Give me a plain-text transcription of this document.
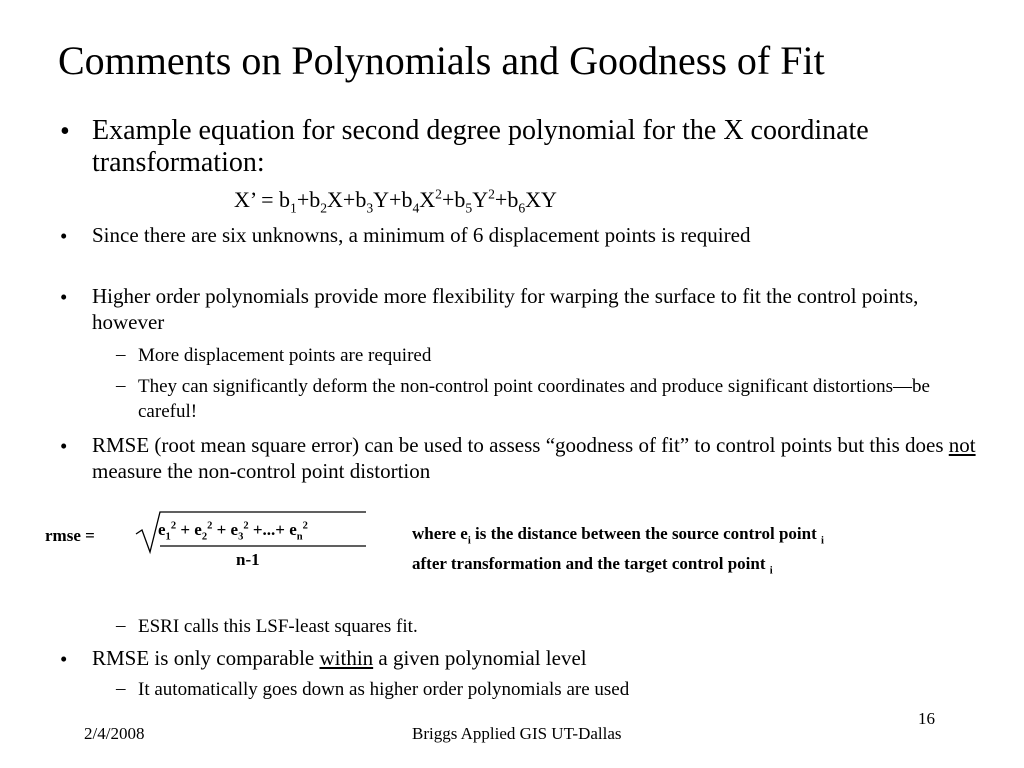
Comments on Polynomials and Goodness of Fit
• Example equation for second degree polynomial for the X coordinate transformation:
X’ = $b_1+b_2X+b_3Y+b_4X^2+b_5Y^2+b_6XY$
• Since there are six unknowns, a minimum of 6 displacement points is required
• Higher order polynomials provide more flexibility for warping the surface to fit the control points, however
– More displacement points are required
– They can significantly deform the non-control point coordinates and produce significant distortions—be careful!
• RMSE (root mean square error) can be used to assess “goodness of fit” to control points but this does not measure the non-control point distortion
rmse =	$e_1^2 + e_2^2 + e_3^2$ +...+ $e_n^2$
n-1
where $e_i$ is the distance between the source control point $_i$
after transformation and the target control point $_i$
– ESRI calls this LSF-least squares fit.
• RMSE is only comparable within a given polynomial level
– It automatically goes down as higher order polynomials are used
2/4/2008	Briggs Applied GIS UT-Dallas
16
